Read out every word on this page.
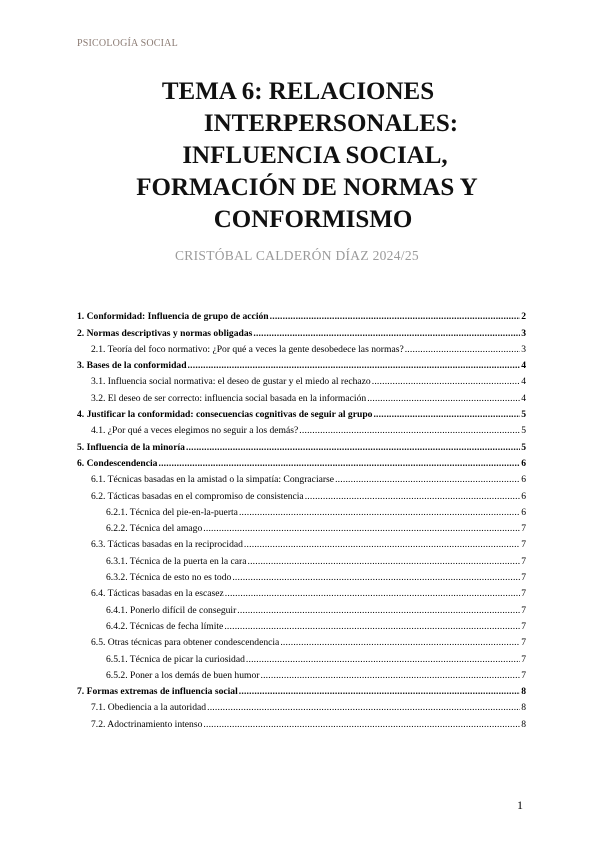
PSICOLOGÍA SOCIAL
TEMA 6: RELACIONES
INTERPERSONALES:
INFLUENCIA SOCIAL,
FORMACIÓN DE NORMAS Y
CONFORMISMO
CRISTÓBAL CALDERÓN DÍAZ 2024/25
1. Conformidad: Influencia de grupo de acción .....	2
2. Normas descriptivas y normas obligadas .....	3
2.1. Teoría del foco normativo: ¿Por qué a veces la gente desobedece las normas? .....	3
3. Bases de la conformidad .....	4
3.1. Influencia social normativa: el deseo de gustar y el miedo al rechazo .....	4
3.2. El deseo de ser correcto: influencia social basada en la información .....	4
4. Justificar la conformidad: consecuencias cognitivas de seguir al grupo .....	5
4.1. ¿Por qué a veces elegimos no seguir a los demás? .....	5
5. Influencia de la minoría .....	5
6. Condescendencia .....	6
6.1. Técnicas basadas en la amistad o la simpatía: Congraciarse .....	6
6.2. Tácticas basadas en el compromiso de consistencia .....	6
6.2.1. Técnica del pie-en-la-puerta .....	6
6.2.2. Técnica del amago .....	7
6.3. Tácticas basadas en la reciprocidad .....	7
6.3.1. Técnica de la puerta en la cara .....	7
6.3.2. Técnica de esto no es todo .....	7
6.4. Tácticas basadas en la escasez .....	7
6.4.1. Ponerlo difícil de conseguir .....	7
6.4.2. Técnicas de fecha límite .....	7
6.5. Otras técnicas para obtener condescendencia .....	7
6.5.1. Técnica de picar la curiosidad .....	7
6.5.2. Poner a los demás de buen humor .....	7
7. Formas extremas de influencia social .....	8
7.1. Obediencia a la autoridad .....	8
7.2. Adoctrinamiento intenso .....	8
1
